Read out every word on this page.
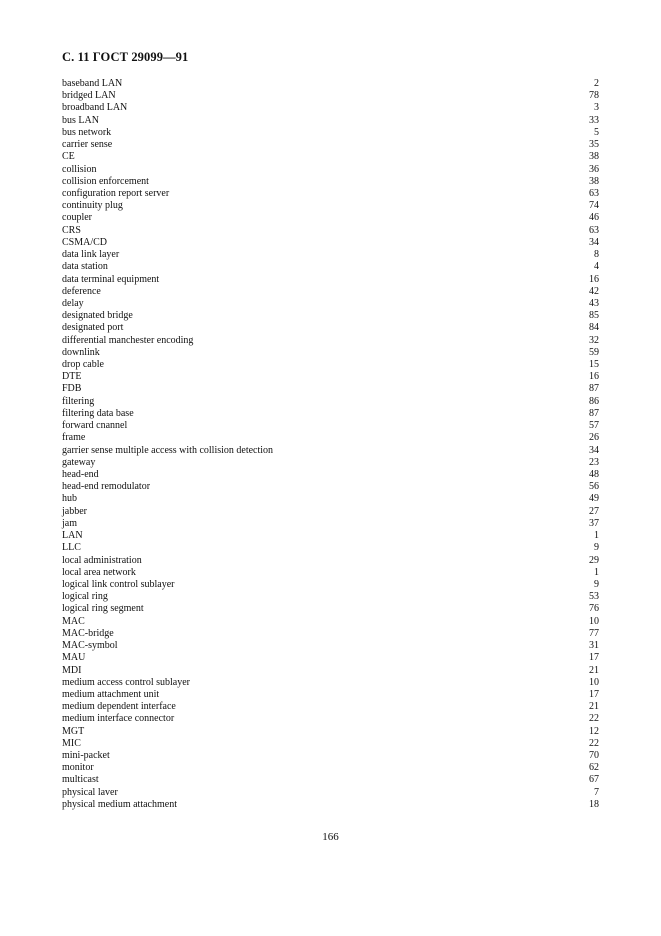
С. 11 ГОСТ 29099—91
baseband LAN	2
bridged LAN	78
broadband LAN	3
bus LAN	33
bus network	5
carrier sense	35
CE	38
collision	36
collision enforcement	38
configuration report server	63
continuity plug	74
coupler	46
CRS	63
CSMA/CD	34
data link layer	8
data station	4
data terminal equipment	16
deference	42
delay	43
designated bridge	85
designated port	84
differential manchester encoding	32
downlink	59
drop cable	15
DTE	16
FDB	87
filtering	86
filtering data base	87
forward cnannel	57
frame	26
garrier sense multiple access with collision detection	34
gateway	23
head-end	48
head-end remodulator	56
hub	49
jabber	27
jam	37
LAN	1
LLC	9
local administration	29
local area network	1
logical link control sublayer	9
logical ring	53
logical ring segment	76
MAC	10
MAC-bridge	77
MAC-symbol	31
MAU	17
MDI	21
medium access control sublayer	10
medium attachment unit	17
medium dependent interface	21
medium interface connector	22
MGT	12
MIC	22
mini-packet	70
monitor	62
multicast	67
physical laver	7
physical medium attachment	18
166
